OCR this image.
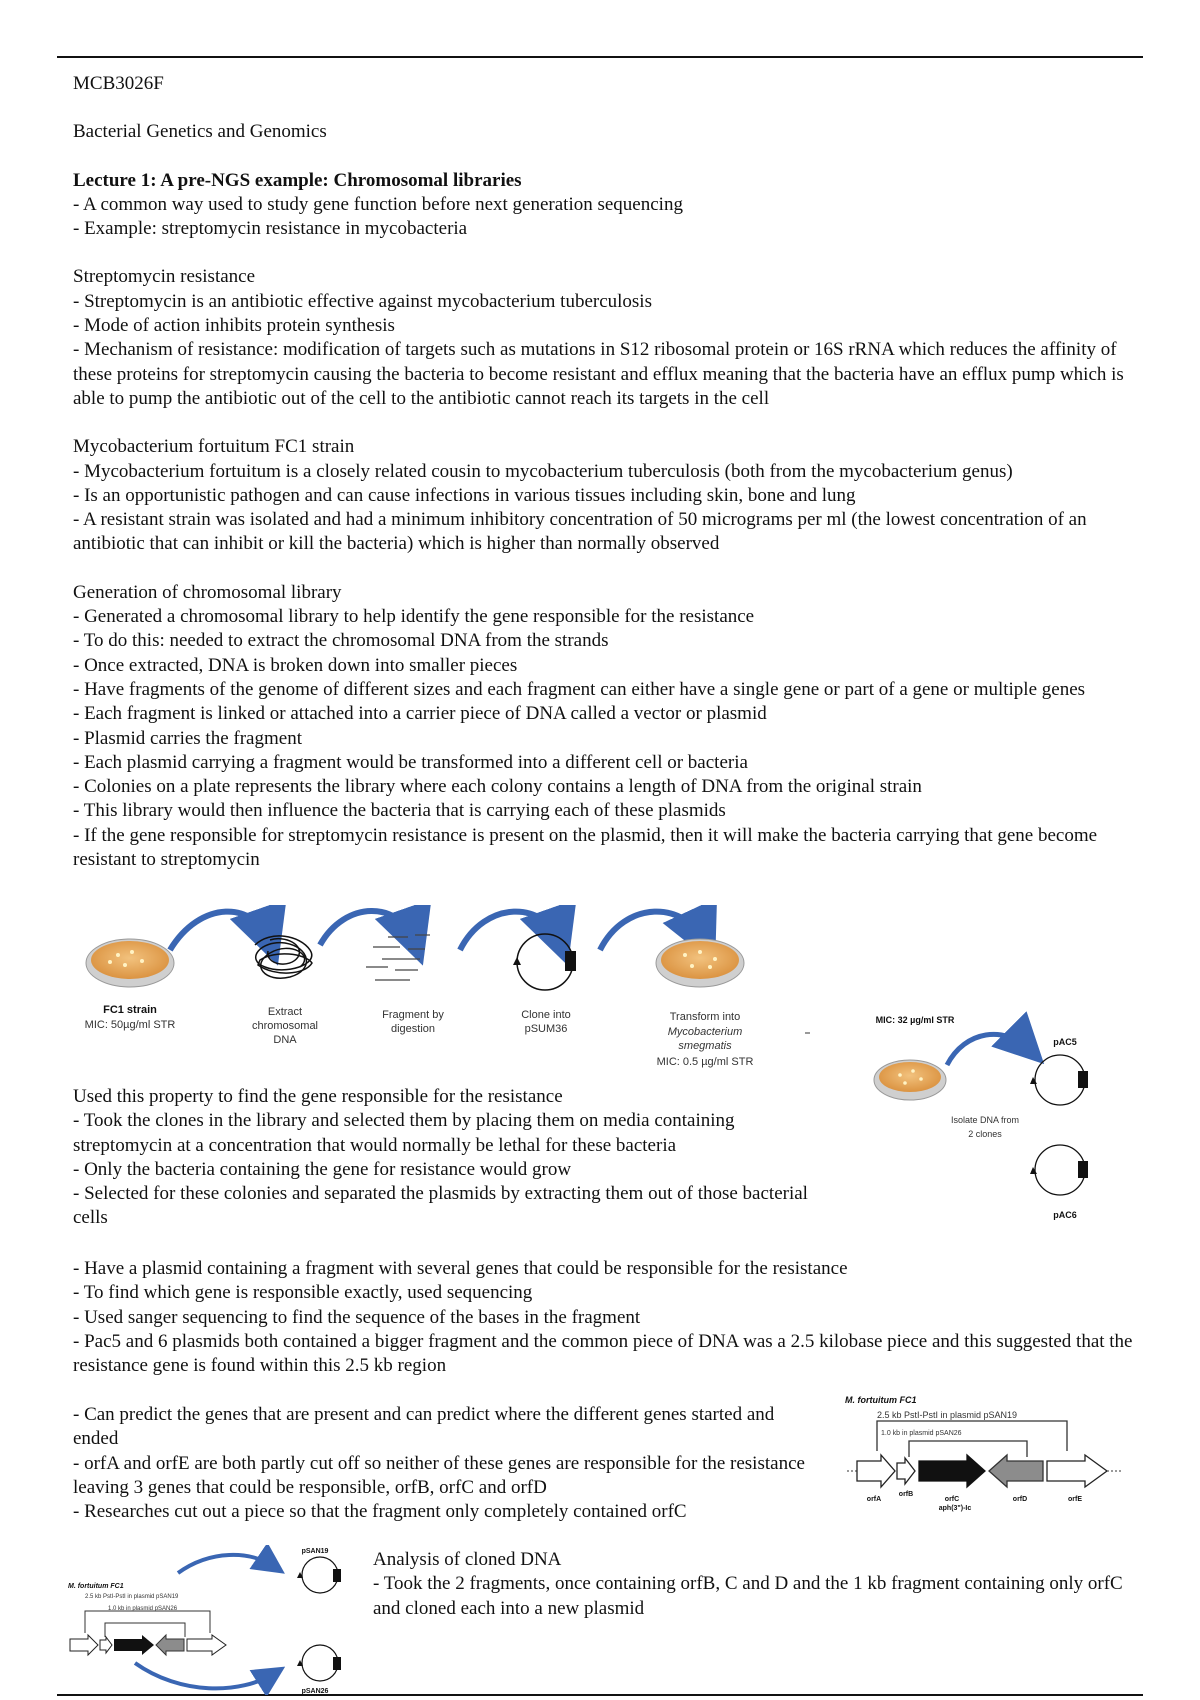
MCB3026F

Bacterial Genetics and Genomics

Lecture 1: A pre-NGS example: Chromosomal libraries

- A common way used to study gene function before next generation sequencing

- Example: streptomycin resistance in mycobacteria

Streptomycin resistance

- Streptomycin is an antibiotic effective against mycobacterium tuberculosis

- Mode of action inhibits protein synthesis

- Mechanism of resistance: modification of targets such as mutations in S12 ribosomal protein or 16S rRNA which reduces the affinity of these proteins for streptomycin causing the bacteria to become resistant and efflux meaning that the bacteria have an efflux pump which is able to pump the antibiotic out of the cell to the antibiotic cannot reach its targets in the cell

Mycobacterium fortuitum FC1 strain

- Mycobacterium fortuitum is a closely related cousin to mycobacterium tuberculosis (both from the mycobacterium genus)

- Is an opportunistic pathogen and can cause infections in various tissues including skin, bone and lung

- A resistant strain was isolated and had a minimum inhibitory concentration of 50 micrograms per ml (the lowest concentration of an antibiotic that can inhibit or kill the bacteria) which is higher than normally observed

Generation of chromosomal library

- Generated a chromosomal library to help identify the gene responsible for the resistance

- To do this: needed to extract the chromosomal DNA from the strands

- Once extracted, DNA is broken down into smaller pieces

- Have fragments of the genome of different sizes and each fragment can either have a single gene or part of a gene or multiple genes

- Each fragment is linked or attached into a carrier piece of DNA called a vector or plasmid

- Plasmid carries the fragment

- Each plasmid carrying a fragment would be transformed into a different cell or bacteria

- Colonies on a plate represents the library where each colony contains a length of DNA from the original strain

- This library would then influence the bacteria that is carrying each of these plasmids

- If the gene responsible for streptomycin resistance is present on the plasmid, then it will make the bacteria carrying that gene become resistant to streptomycin

FC1 strain
MIC: 50µg/ml STR
Extract chromosomal DNA
Fragment by digestion
Clone into pSUM36
Transform into
Mycobacterium smegmatis
MIC: 0.5 µg/ml STR

Used this property to find the gene responsible for the resistance

- Took the clones in the library and selected them by placing them on media containing streptomycin at a concentration that would normally be lethal for these bacteria

- Only the bacteria containing the gene for resistance would grow

- Selected for these colonies and separated the plasmids by extracting them out of those bacterial cells

MIC: 32 µg/ml STR
pAC5
Isolate DNA from 2 clones
pAC6

- Have a plasmid containing a fragment with several genes that could be responsible for the resistance

- To find which gene is responsible exactly, used sequencing

- Used sanger sequencing to find the sequence of the bases in the fragment

- Pac5 and 6 plasmids both contained a bigger fragment and the common piece of DNA was a 2.5 kilobase piece and this suggested that the resistance gene is found within this 2.5 kb region

- Can predict the genes that are present and can predict where the different genes started and ended

- orfA and orfE are both partly cut off so neither of these genes are responsible for the resistance leaving 3 genes that could be responsible, orfB, orfC and orfD

- Researches cut out a piece so that the fragment only completely contained orfC

M. fortuitum FC1
2.5 kb PstI-PstI in plasmid pSAN19
1.0 kb in plasmid pSAN26
orfA
orfB
orfC
aph(3")-Ic
orfD	orfE
M. fortuitum FC1
2.5 kb PstI-PstI in plasmid pSAN19
1.0 kb in plasmid pSAN26
pSAN19
pSAN26

Analysis of cloned DNA

- Took the 2 fragments, once containing orfB, C and D and the 1 kb fragment containing only orfC and cloned each into a new plasmid
